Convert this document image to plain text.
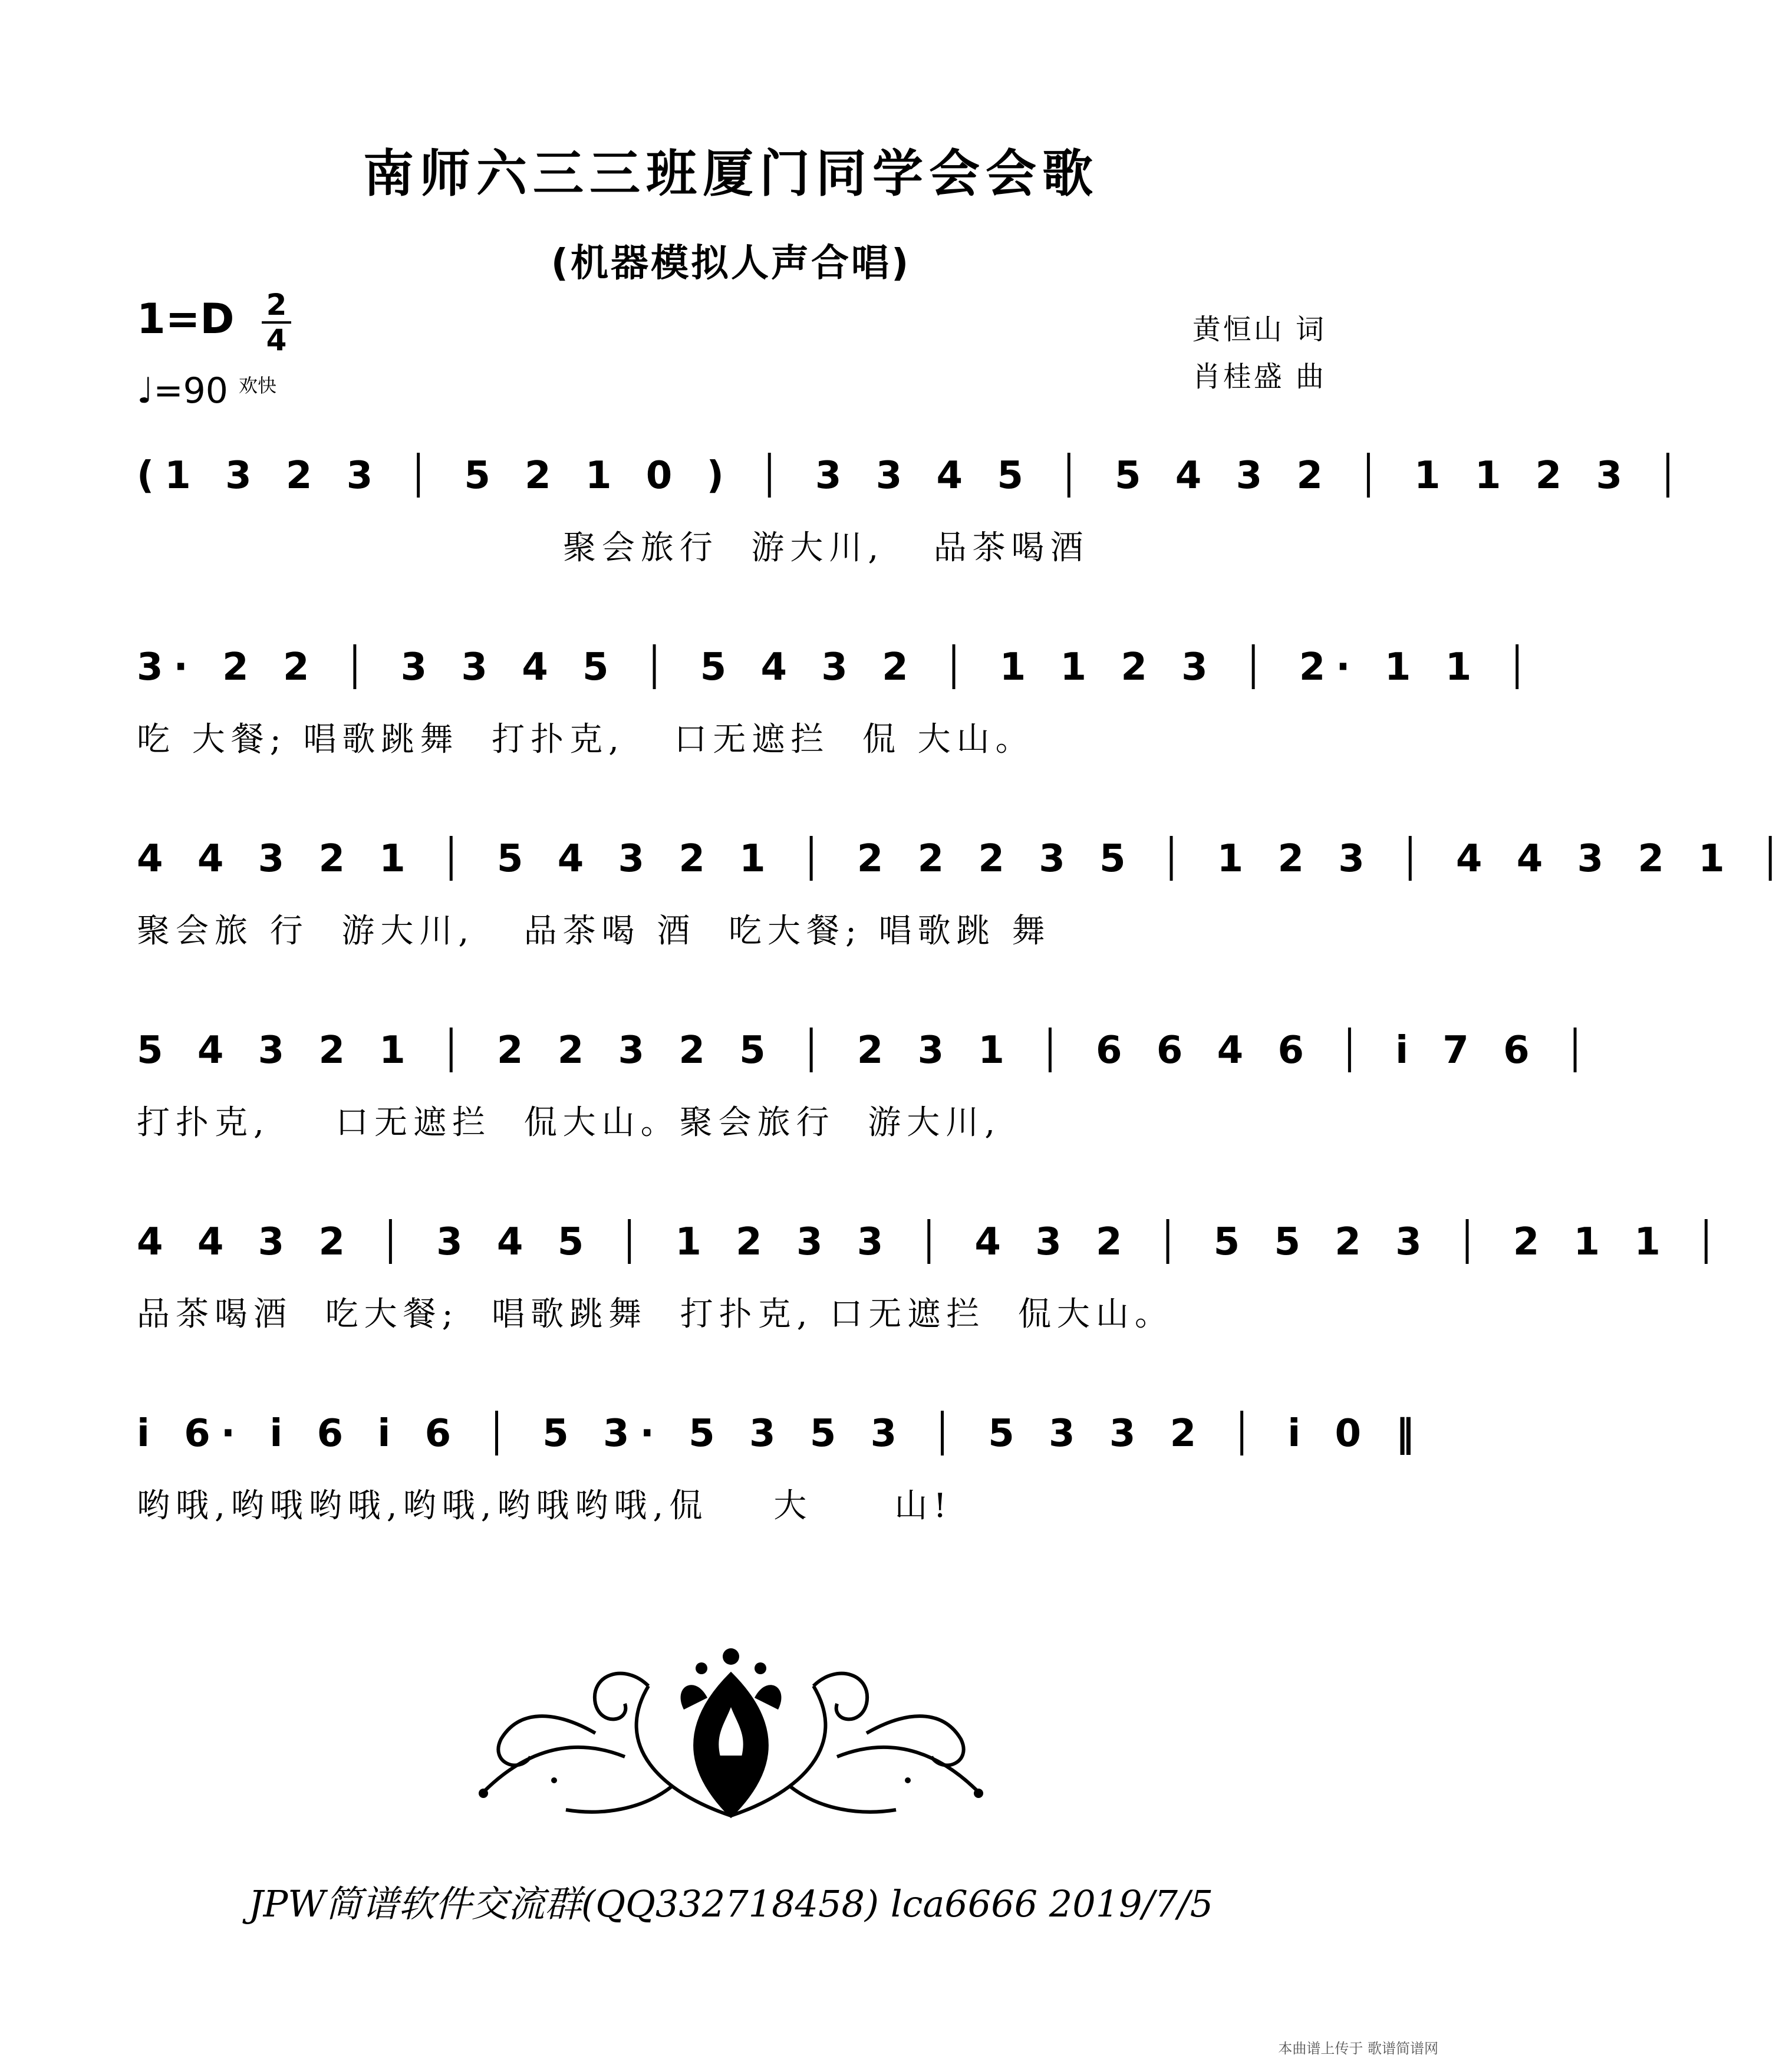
南师六三三班厦门同学会会歌
(机器模拟人声合唱)
1=D 2
4
♩=90 $^{欢快}$
黄恒山 词
肖桂盛 曲
(1 3 2 3 │ 5 2 1 0 ) │ 3 3 4 5 │ 5 4 3 2 │ 1 1 2 3 │
聚会旅行  游大川,   品茶喝酒
3· 2 2 │ 3 3 4 5 │ 5 4 3 2 │ 1 1 2 3 │ 2· 1 1 │
吃 大餐; 唱歌跳舞  打扑克,   口无遮拦  侃 大山。
4 4 3 2 1 │ 5 4 3 2 1 │ 2 2 2 3 5 │ 1 2 3 │ 4 4 3 2 1 │
聚会旅 行  游大川,   品茶喝 酒  吃大餐; 唱歌跳 舞
5 4 3 2 1 │ 2 2 3 2 5 │ 2 3 1 │ 6 6 4 6 │ i 7 6 │
打扑克,    口无遮拦  侃大山。聚会旅行  游大川,
4 4 3 2 │ 3 4 5 │ 1 2 3 3 │ 4 3 2 │ 5 5 2 3 │ 2 1 1 │
品茶喝酒  吃大餐;  唱歌跳舞  打扑克, 口无遮拦  侃大山。
i 6· i 6 i 6 │ 5 3· 5 3 5 3 │ 5 3 3 2 │ i 0 ‖
哟哦,哟哦哟哦,哟哦,哟哦哟哦,侃    大     山!
JPW简谱软件交流群(QQ332718458) lca6666 2019/7/5
本曲谱上传于 歌谱简谱网
